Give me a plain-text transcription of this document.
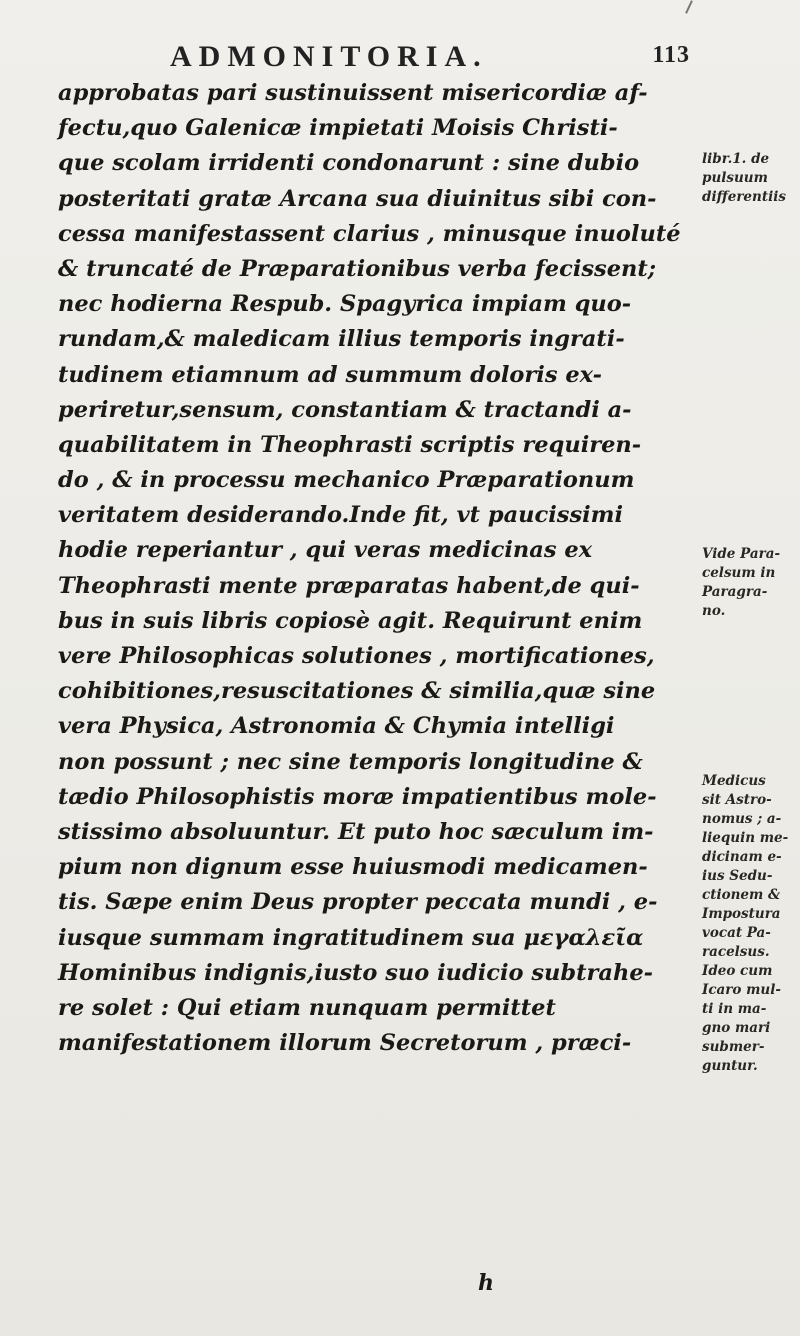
ADMONITORIA.	113
approbatas pari sustinuissent misericordiæ af-
fectu,quo Galenicæ impietati Moisis Christi-
que scolam irridenti condonarunt : sine dubio
posteritati gratæ Arcana sua diuinitus sibi con-
cessa manifestassent clarius , minusque inuoluté
& truncaté de Præparationibus verba fecissent;
nec hodierna Respub. Spagyrica impiam quo-
rundam,& maledicam illius temporis ingrati-
tudinem etiamnum ad summum doloris ex-
periretur,sensum, constantiam & tractandi a-
quabilitatem in Theophrasti scriptis requiren-
do , & in processu mechanico Præparationum
veritatem desiderando.Inde fit, vt paucissimi
hodie reperiantur , qui veras medicinas ex
Theophrasti mente præparatas habent,de qui-
bus in suis libris copiosè agit. Requirunt enim
vere Philosophicas solutiones , mortificationes,
cohibitiones,resuscitationes & similia,quæ sine
vera Physica, Astronomia & Chymia intelligi
non possunt ; nec sine temporis longitudine &
tædio Philosophistis moræ impatientibus mole-
stissimo absoluuntur. Et puto hoc sæculum im-
pium non dignum esse huiusmodi medicamen-
tis. Sæpe enim Deus propter peccata mundi , e-
iusque summam ingratitudinem sua μεγαλεῖα
Hominibus indignis,iusto suo iudicio subtrahe-
re solet : Qui etiam nunquam permittet
manifestationem illorum Secretorum , præci-
libr.1. de
pulsuum
differentiis
Vide Para-
celsum in
Paragra-
no.
Medicus
sit Astro-
nomus ; a-
liequin me-
dicinam e-
ius Sedu-
ctionem &
Impostura
vocat Pa-
racelsus.
Ideo cum
Icaro mul-
ti in ma-
gno mari
submer-
guntur.
h
